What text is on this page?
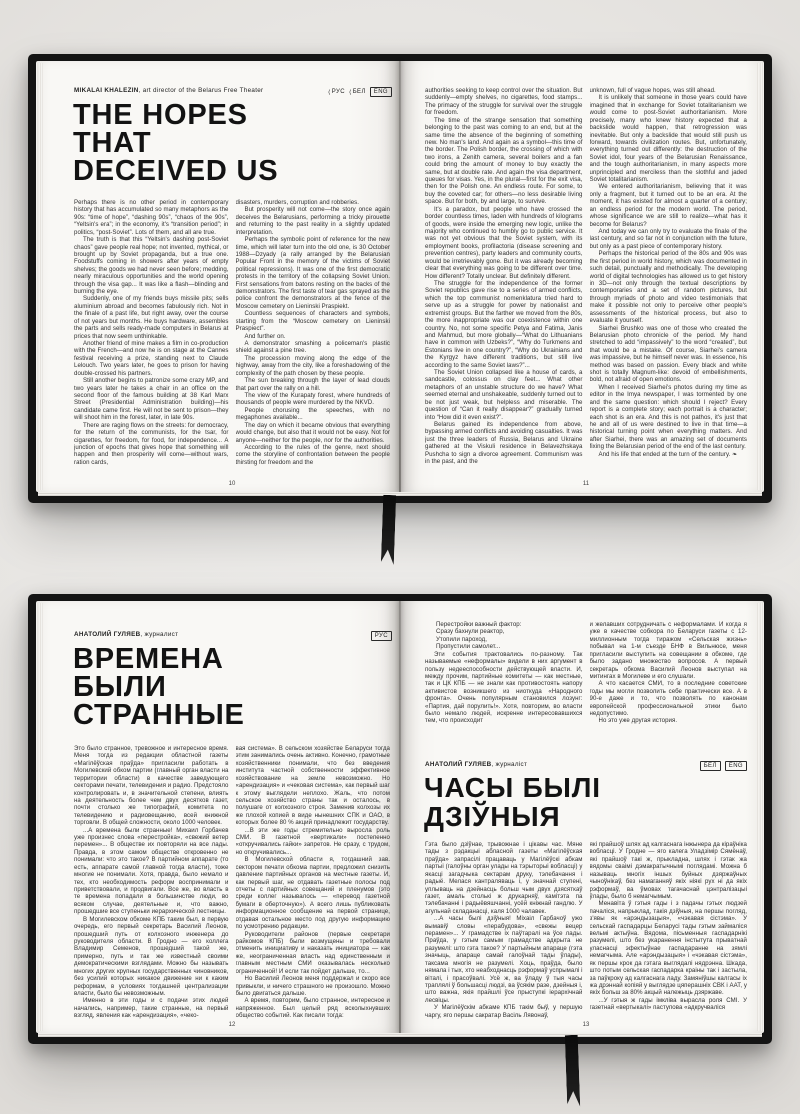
MIKALAI KHALEZIN, art director of the Belarus Free Theater	⟨ РУС ⟨ БЕЛ	ENG
THE HOPES
THAT
DECEIVED US

Perhaps there is no other period in contemporary history that has accumulated so many metaphors as the 90s: “time of hope”, “dashing 90s”, “chaos of the 90s”, “Yeltsin's era”; in the economy, it's “transition period”; in politics, “post-Soviet”. Lots of them, and all are true.

The truth is that this “Yeltsin's dashing post-Soviet chaos” gave people real hope; not invented, mythical, or brought up by Soviet propaganda, but a true one. Foodstuffs coming in showers after years of empty shelves; the goods we had never seen before; medding, nearly miraculous opportunities and the world opening through the visa gap... It was like a flash—blinding and burning the eye.

Suddenly, one of my friends buys missile pits; sells aluminium abroad and becomes fabulously rich. Not in the finale of a past life, but right away, over the course of not years but months. He buys hardware, assembles the parts and sells ready-made computers in Belarus at prices that now seem unthinkable.

Another friend of mine makes a film in co-production with the French—and now he is on stage at the Cannes festival receiving a prize, standing next to Claude Lelouch. Two years later, he goes to prison for having double-crossed his partners.

Still another begins to patronize some crazy MP, and two years later he takes a chair in an office on the second floor of the famous building at 38 Karl Marx Street (Presidential Administration building)—his candidate came first. He will not be sent to prison—they will shoot him in the forest, later, in late 90s.

There are raging flows on the streets: for democracy, for the return of the communists, for the tsar, for cigarettes, for freedom, for food, for independence... A junction of epochs that gives hope that something will happen and then prosperity will come—without wars, ration cards,

disasters, murders, corruption and robberies.

But prosperity will not come—the story once again deceives the Belarusians, performing a tricky pirouette and returning to the past reality in a slightly updated interpretation.

Perhaps the symbolic point of reference for the new time, which will later turn into the old one, is 30 October 1988—Dzyady (a rally arranged by the Belarusian Popular Front in the memory of the victims of Soviet political repressions). It was one of the first democratic protests in the territory of the collapsing Soviet Union. First sensations from batons resting on the backs of the demonstrators. The first taste of tear gas sprayed as the police confront the demonstrators at the fence of the Moscow cemetery on Lieninski Praspiekt.

Countless sequences of characters and symbols, starting from the “Moscow cemetery on Lieninski Praspiect”.

And further on.

A demonstrator smashing a policeman's plastic shield against a pine tree.

The procession moving along the edge of the highway, away from the city, like a foreshadowing of the complexity of the path chosen by these people.

The sun breaking through the layer of lead clouds that part over the rally on a hill.

The view of the Kurapaty forest, where hundreds of thousands of people were murdered by the NKVD.

People chorusing the speeches, with no megaphones available...

The day on which it became obvious that everything would change, but also that it would not be easy. Not for anyone—neither for the people, nor for the authorities.

According to the rules of the genre, next should come the storyline of confrontation between the people thirsting for freedom and the

10

authorities seeking to keep control over the situation. But suddenly—empty shelves, no cigarettes, food stamps... The primacy of the struggle for survival over the struggle for freedom.

The time of the strange sensation that something belonging to the past was coming to an end, but at the same time the absence of the beginning of something new. No man's land. And again as a symbol—this time of the border. The Polish border, the crossing of which with two irons, a Zenith camera, several boilers and a fan could bring the amount of money to buy exactly the same, but at double rate. And again the visa department, queues for visas. Yes, in the plural—first for the exit visa, then for the Polish one. An endless route. For some, to buy the coveted car; for others—no less desirable living space. But for both, by and large, to survive.

It's a paradox, but people who have crossed the border countless times, laden with hundreds of kilograms of goods, were inside the emerging new logic, unlike the majority who continued to humbly go to public service. It was not yet obvious that the Soviet system, with its employment books, profilactoria (disease screening and prevention centres), party leaders and community courts, would be irretrievably gone. But it was already becoming clear that everything was going to be different over time. How different? Totally unclear. But definitely different.

The struggle for the independence of the former Soviet republics gave rise to a series of armed conflicts, which the top communist nomenklatura tried hard to serve up as a struggle for power by nationalist and extremist groups. But the farther we moved from the 80s, the more inappropriate was our coexistence within one country. No, not some specific Petya and Fatima, Janis and Mahmud, but more globally—“What do Lithuanians have in common with Uzbeks?”, “Why do Turkmens and Estonians live in one country?”, “Why do Ukrainians and the Kyrgyz have different traditions, but still live according to the same Soviet laws?”...

The Soviet Union collapsed like a house of cards, a sandcastle, colossus on clay feet... What other metaphors of an unstable structure do we have? What seemed eternal and unshakeable, suddenly turned out to be not just weak, but helpless and miserable. The question of “Can it really disappear?” gradually turned into “How did it even exist?”.

Belarus gained its independence from above, bypassing armed conflicts and avoiding casualties. It was just the three leaders of Russia, Belarus and Ukraine gathered at the Viskuli residence in Belavezhskaya Pushcha to sign a divorce agreement. Communism was in the past, and the

unknown, full of vague hopes, was still ahead.

It is unlikely that someone in those years could have imagined that in exchange for Soviet totalitarianism we would come to post-Soviet authoritarianism. More precisely, many who knew history expected that a backslide would happen, that retrogression was inevitable. But only a backslide that would still push us forward, towards civilization routes. But, unfortunately, everything turned out differently: the destruction of the Soviet idol, four years of the Belarusian Renaissance, and the tough authoritarianism, in many aspects more unprincipled and merciless than the slothful and jaded Soviet totalitarianism.

We entered authoritarianism, believing that it was only a fragment, but it turned out to be an era. At the moment, it has existed for almost a quarter of a century; an endless period for the modern world. The period, whose significance we are still to realize—what has it become for Belarus?

And today we can only try to evaluate the finale of the last century, and so far not in conjunction with the future, but only as a past piece of contemporary history.

Perhaps the historical period of the 80s and 90s was the first period in world history, which was documented in such detail, punctually and methodically. The developing world of digital technologies has allowed us to get history in 3D—not only through the textual descriptions by contemporaries and a set of random pictures, but through myriads of photo and video testimonials that make it possible not only to perceive other people's assessments of the historical process, but also to evaluate it yourself.

Siarhei Brushko was one of those who created the Belarusian photo chronicle of the period. My hand stretched to add “impassively” to the word “created”, but that would be a mistake. Of course, Siarhei's camera was impassive, but he himself never was. In essence, his method was based on passion. Every black and white shot is totally Magnum-like: devoid of embellishments, bold, not afraid of open emotions.

When I received Siarhei's photos during my time as editor in the Imya newspaper, I was tormented by one and the same question: which should I reject? Every report is a complete story; each portrait is a character; each shot is an era. And this is not pathos, it's just that he and all of us were destined to live in that time—a historical turning point when everything matters. And after Siarhei, there was an amazing set of documents fixing the Belarusian period of the end of the last century.

And his life that ended at the turn of the century. ❧

11
АНАТОЛИЙ ГУЛЯЕВ, журналист	РУС
ВРЕМЕНА
БЫЛИ
СТРАННЫЕ

Это было странное, тревожное и интересное время. Меня тогда из редакции областной газеты «Магілёўская праўда» пригласили работать в Могилевский обком партии (главный орган власти на территории области) в качестве заведующего секторами печати, телевидения и радио. Предстояло контролировать и, в значительной степени, влиять на деятельность более чем двух десятков газет, почти столько же типографий, комитета по телевидению и радиовещанию, всей книжной торговли. В общей сложности, около 1000 человек.

...А времена были странные! Михаил Горбачев уже произнес слова «перестройка», «свежий ветер перемен»... В обществе их повторяли на все лады. Правда, в этом самом обществе откровенно не понимали: что это такое? В партийном аппарате (то есть, аппарате самой главной тогда власти), тоже многие не понимали. Хотя, правда, было немало и тех, кто необходимость реформ воспринимали и приветствовали, и продвигали. Все же, во власть в те времена попадали в большинстве люди, во всяком случае, деятельные и, что важно, прошедшие все ступеньки иерархической лестницы.

В Могилевском обкоме КПБ таким был, в первую очередь, его первый секретарь Василий Леонов, прошедший путь от колхозного инженера до руководителя области. В Гродно — его коллега Владимир Семенов, прошедший такой же, примерно, путь и так же известный своими демократическими взглядами. Можно бы называть многих других крупных государственных чиновников, без усилий которых никакое движение ни к каким реформам, в условиях тогдашней централизации власти, было бы невозможным.

Именно в эти годы и с подачи этих людей начались, например, такие странные, на первый взгляд, явления как «арендизация», «чеко-

вая система». В сельском хозяйстве Беларуси тогда этим занимались очень активно. Конечно, грамотные хозяйственники понимали, что без введения института частной собственности эффективное хозяйствование на земле невозможно. Но «арендизация» и «чековая система», как первый шаг к этому выглядели неплохо. Жаль, что потом сельское хозяйство страны так и осталось, в полушаге от колхозного строя. Заменив колхозы их же плохой копией в виде нынешних СПК и ОАО, в которых более 80 % акций принадлежит государству.

...В эти же годы стремительно выросла роль СМИ. В газетной «вертикали» постепенно «откручивались гайки» запретов. Не сразу, с трудом, но откручивались...

В Могилевской области я, тогдашний зав. сектором печати обкома партии, предложил снизить давление партийных органов на местные газеты. И, как первый шаг, не отдавать газетные полосы под отчеты с партийных совещаний и пленумов (это среди коллег называлось — «перевод газетной бумаги в оберточную»). А всего лишь публиковать информационное сообщение на первой странице, отдавая остальное место под другую информацию по усмотрению редакции.

Руководители районов (первые секретари райкомов КПБ) были возмущены и требовали отменить инициативу и наказать инициатора — как же, неограниченная власть над единственным и главным местным СМИ оказывалась несколько ограниченной! И если так пойдет дальше, то...

Но Василий Леонов меня поддержал и скоро все привыкли, и ничего страшного не произошло. Можно было двигаться дальше.

А время, повторим, было странное, интересное и напряженное. Был целый ряд всколыхнувших общество событий. Как писали тогда:

12
Перестройки важный фактор:
Сразу бахнули реактор,
Утопили пароход,
Пропустили самолет...

Эти события трактовались по-разному. Так называемые «неформалы» видели в них аргумент в пользу недееспособности действующей власти. И, между прочим, партийные комитеты — как местные, так и ЦК КПБ — не знали как противостоять напору активистов возникшего из ниоткуда «Народного фронта». Очень популярным становился лозунг: «Партия, дай порулить!». Хотя, повторим, во власти было немало людей, искренне интересовавшихся тем, что происходит

и желавших сотрудничать с неформалами. И когда я уже в качестве собкора по Беларуси газеты с 12-миллионным тогда тиражом «Сельская жизнь» побывал на 1-м съезде БНФ в Вильнюсе, меня пригласили выступить на совещании в обкоме, где было задано множество вопросов. А первый секретарь обкома Василий Леонов выступал на митингах в Могилеве и его слушали.

А что касается СМИ, то в последние советские годы мы могли позволить себе практически все. А в 90-е даже и то, что позволять по канонам европейской профессиональной этики было недопустимо.

Но это уже другая история.

АНАТОЛИЙ ГУЛЯЕВ, журналіст	БЕЛ	ENG
ЧАСЫ БЫЛІ
ДЗІЎНЫЯ

Гэта было дзіўнае, трывожнае і цікавы час. Мяне тады з рэдакцыі абласной газеты «Магілёўская праўда» запрасілі працаваць у Магілёўскі абкам партыі (галоўны орган улады на тэрыторыі вобласці) у якасці загадчыка сектарам друку, тэлебачання і радыё. Мелася кантраляваць і, у значнай ступені, уплываць на дзейнасць больш чым двух дзясяткаў газет, амаль столькі ж друкарняў, камітэта па тэлебачанні і радыёвяшчанні, усёй кніжнай гандлю. У агульнай складанасці, каля 1000 чалавек.

...А часы былі дзіўныя! Міхаіл Гарбачоў ужо вымавіў словы «перабудова», «свежы вецер перамен»... У грамадстве іх паўтаралі на ўсе лады. Праўда, у гэтым самым грамадстве адкрыта не разумелі: што гэта такое? У партыйным апараце (гэта значыць, апараце самай галоўнай тады ўлады), таксама многія не разумелі. Хоць, праўда, было нямала і тых, хто неабходнасць рэформаў успрымалі і віталі, і прасоўвалі. Усё ж, ва ўладу ў тыя часы траплялі ў большасці людзі, ва ўсякім разе, дзейныя і, што важна, якія прайшлі ўсе прыступкі іерархічнай лесвіцы.

У Магілёўскім абкаме КПБ такім быў, у першую чаргу, яго першы сакратар Васіль Лявонаў,

які прайшоў шлях ад калгаснага інжынера да кіраўніка вобласці. У Гродне — яго калега Уладзімір Сямёнаў, які прайшоў такі ж, прыкладна, шлях і гэтак жа вядомы сваімі дэмакратычнымі поглядамі. Можна б называць многіх іншых буйных дзяржаўных чыноўнікаў, без намаганняў якіх ніякі рух ні да якіх рэформаў, ва ўмовах тагачаснай цэнтралізацыі ўлады, было б немагчымым.

Менавіта ў гэтыя гады і з падачы гэтых людзей пачаліся, напрыклад, такія дзіўныя, на першы погляд, з'явы як «арэндызацыя», «чэкавая сістэма». У сельскай гаспадарцы Беларусі тады гэтым займаліся вельмі актыўна. Вядома, пісьменныя гаспадарнікі разумелі, што без укаранення інстытута прыватнай уласнасці эфектыўнае гаспадаранне на зямлі немагчыма. Але «арэндызацыя» і «чэкавая сістэма», як першы крок да гэтага выглядалі нядрэнна. Шкада, што потым сельская гаспадарка краіны так і застыла, за паўкроку ад калгаснага ладу. Замяніўшы калгасы іх жа дрэннай копіяй у выглядзе цяперашніх СВК і ААТ, у якіх больш за 80% акцый належыць дзяржаве.

...У гэтыя ж гады імкліва вырасла роля СМІ. У газетнай «вертыкалі» паступова «адкручваліся

13
